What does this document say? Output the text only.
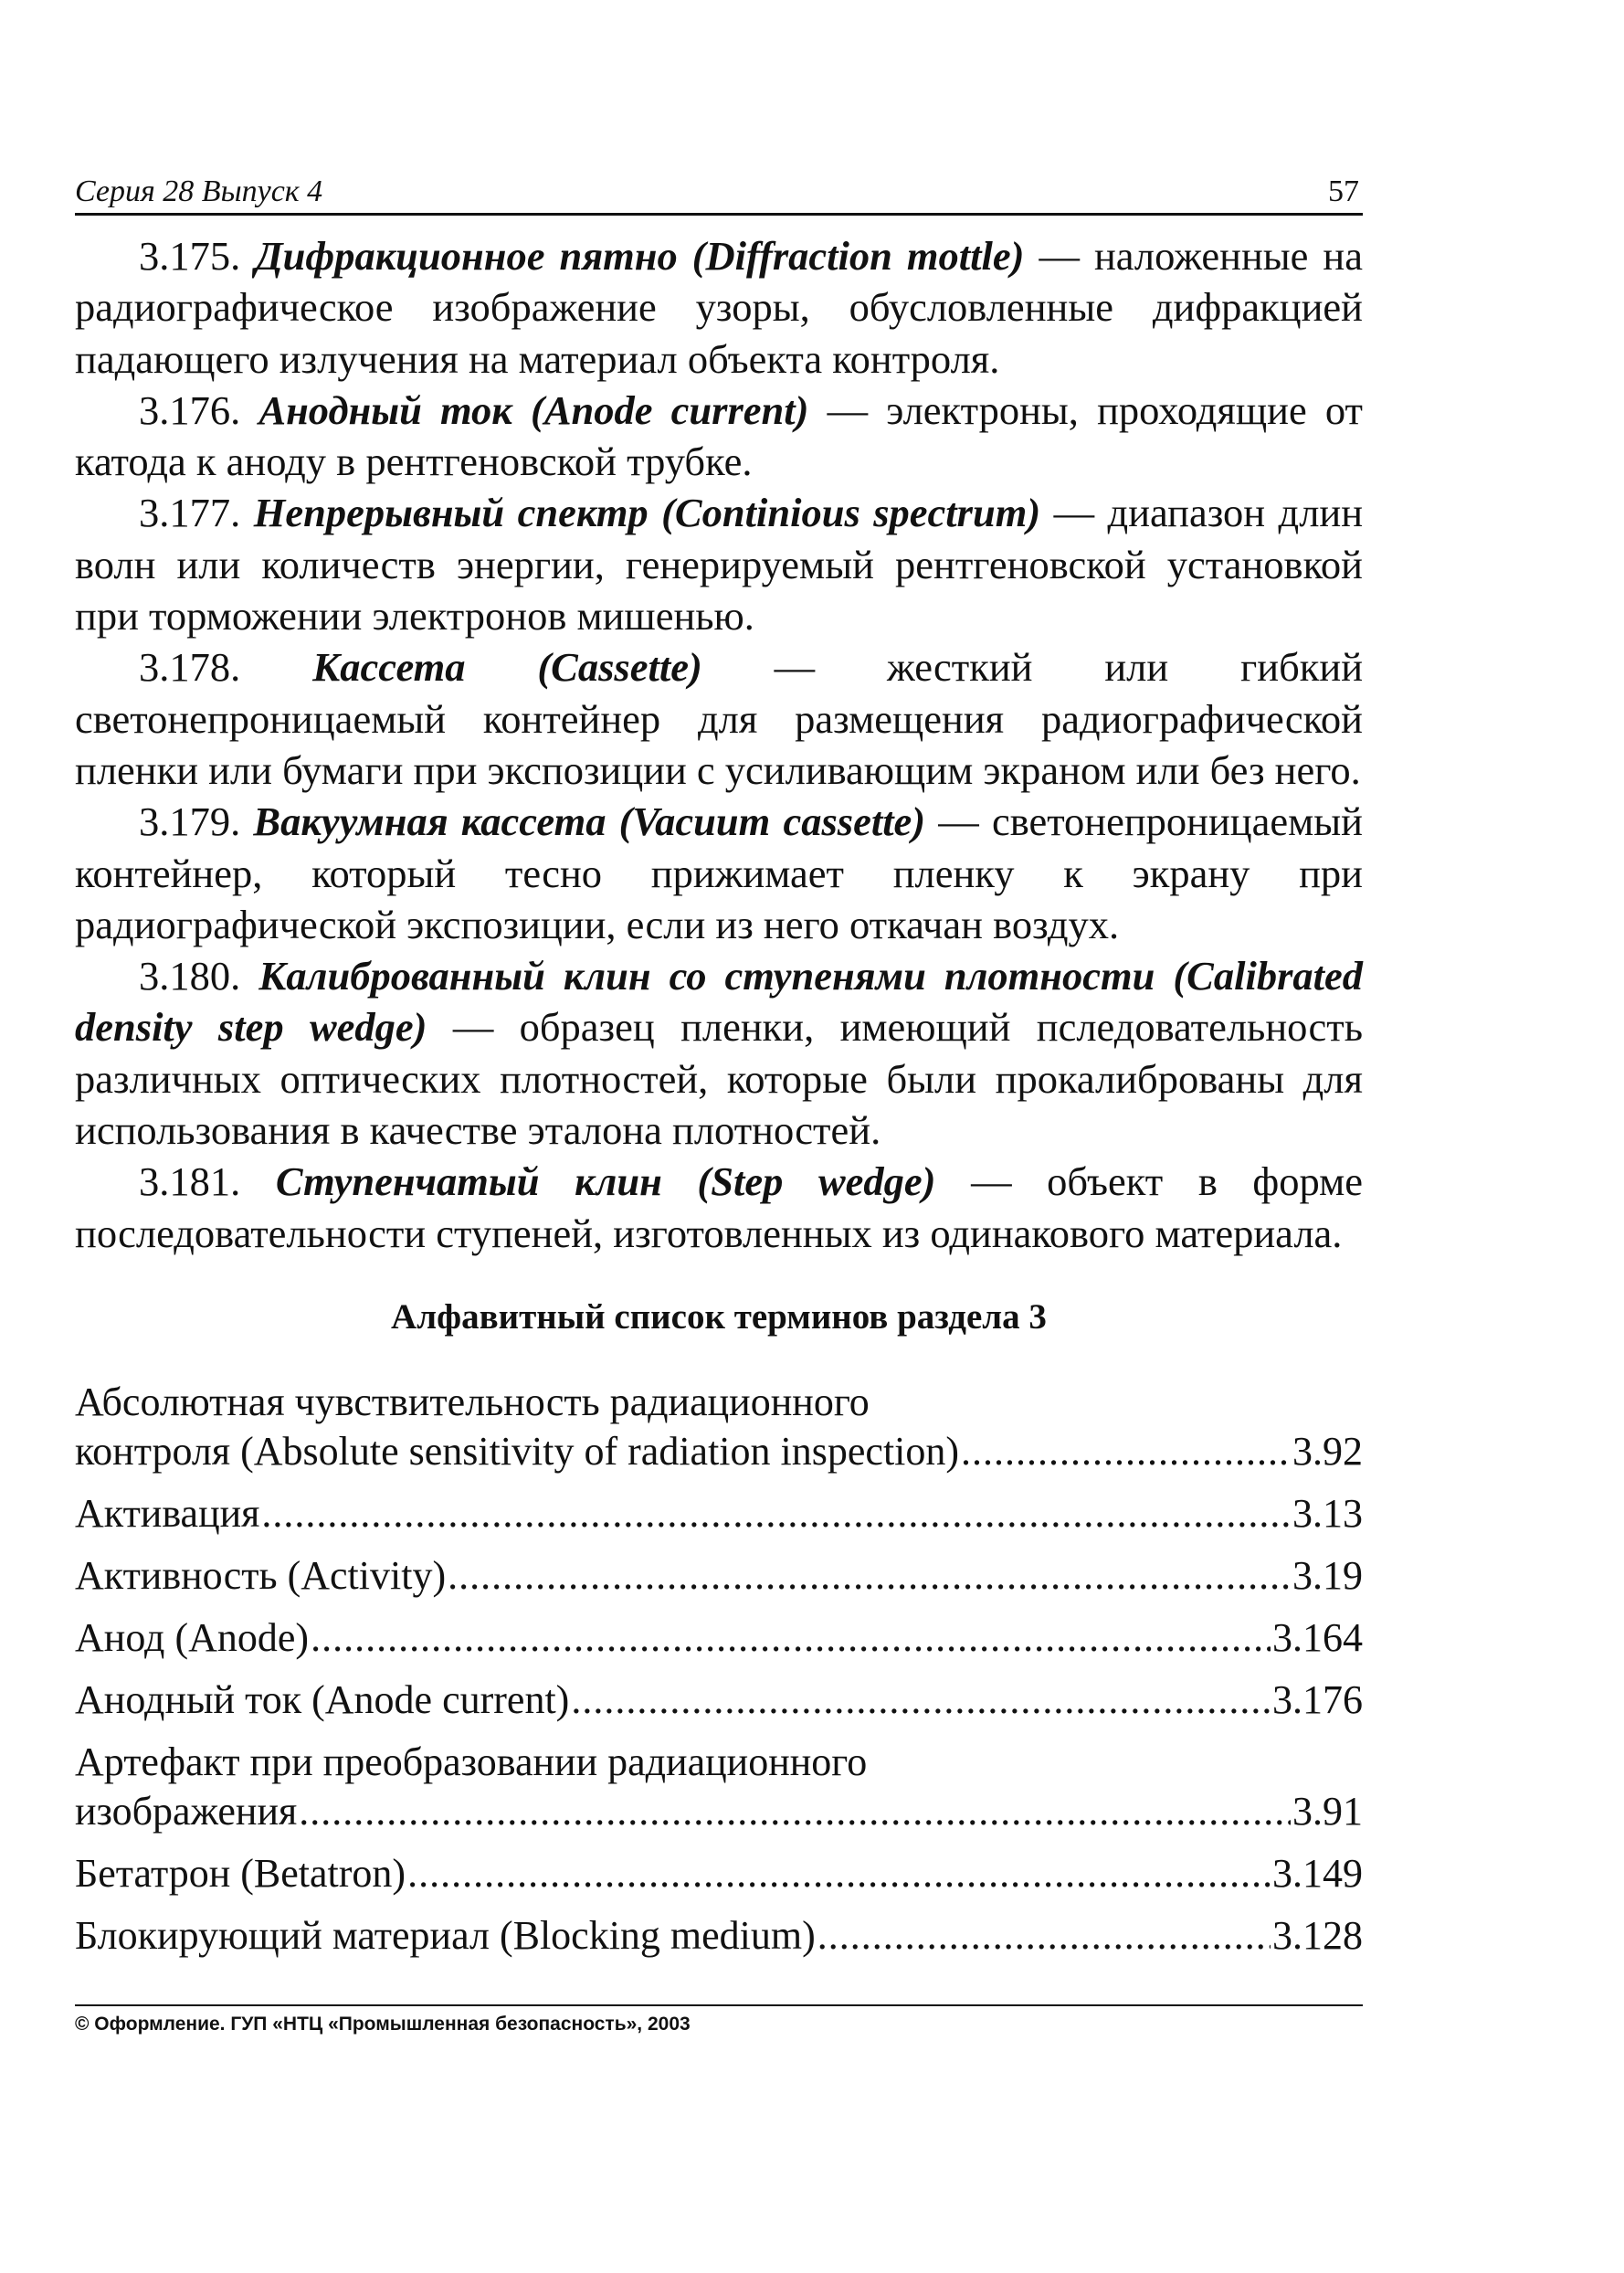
Серия 28 Выпуск 4	57

3.175. Дифракционное пятно (Diffraction mottle) — наложенные на радиографическое изображение узоры, обусловленные дифракцией падающего излучения на материал объекта контроля.

3.176. Анодный ток (Anode current) — электроны, проходящие от катода к аноду в рентгеновской трубке.

3.177. Непрерывный спектр (Continious spectrum) — диапазон длин волн или количеств энергии, генерируемый рентгеновской установкой при торможении электронов мишенью.

3.178. Кассета (Cassette) — жесткий или гибкий светонепроницаемый контейнер для размещения радиографической пленки или бумаги при экспозиции с усиливающим экраном или без него.

3.179. Вакуумная кассета (Vacuum cassette) — светонепроницаемый контейнер, который тесно прижимает пленку к экрану при радиографической экспозиции, если из него откачан воздух.

3.180. Калиброванный клин со ступенями плотности (Calibrated density step wedge) — образец пленки, имеющий пследовательность различных оптических плотностей, которые были прокалиброваны для использования в качестве эталона плотностей.

3.181. Ступенчатый клин (Step wedge) — объект в форме последовательности ступеней, изготовленных из одинакового материала.

Алфавитный список терминов раздела 3
Абсолютная чувствительность радиационного
контроля (Absolute sensitivity of radiation inspection) .....	3.92
Активация .....	3.13
Активность (Activity) .....	3.19
Анод (Anode) .....	3.164
Анодный ток (Anode current) .....	3.176
Артефакт при преобразовании радиационного
изображения .....	3.91
Бетатрон (Betatron) .....	3.149
Блокирующий материал (Blocking medium) .....	3.128
© Оформление. ГУП «НТЦ «Промышленная безопасность», 2003
